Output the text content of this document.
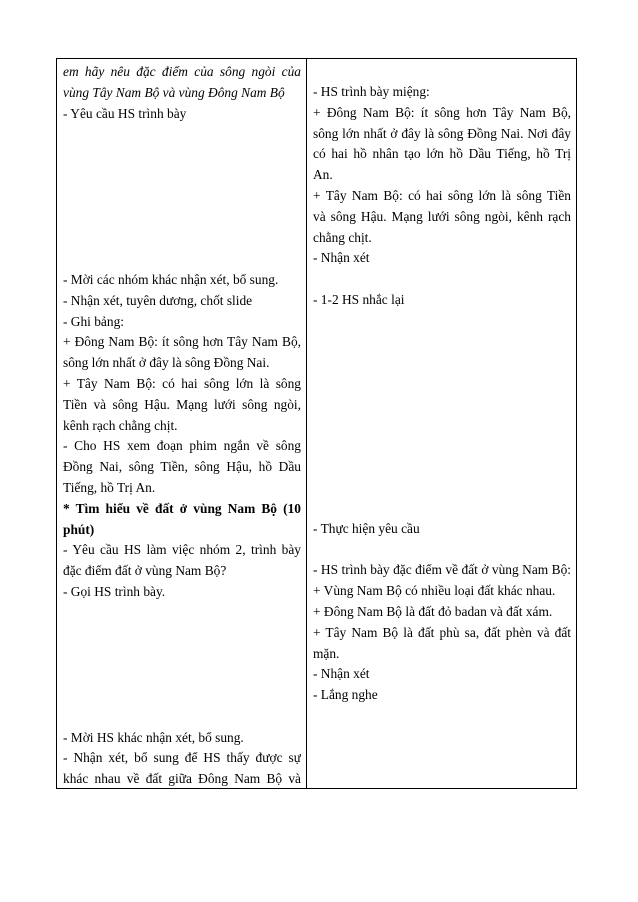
em hãy nêu đặc điểm của sông ngòi của
vùng Tây Nam Bộ và vùng Đông Nam Bộ
- Yêu cầu HS trình bày
- Mời các nhóm khác nhận xét, bổ sung.
- Nhận xét, tuyên dương, chốt slide
- Ghi bảng:
+ Đông Nam Bộ: ít sông hơn Tây Nam Bộ,
sông lớn nhất ở đây là sông Đồng Nai.
+ Tây Nam Bộ: có hai sông lớn là sông
Tiền và sông Hậu. Mạng lưới sông ngòi,
kênh rạch chằng chịt.
- Cho HS xem đoạn phim ngắn về sông
Đồng Nai, sông Tiền, sông Hậu, hồ Dầu
Tiếng, hồ Trị An.
* Tìm hiểu về đất ở vùng Nam Bộ (10
phút)
- Yêu cầu HS làm việc nhóm 2, trình bày
đặc điểm đất ở vùng Nam Bộ?
- Gọi HS trình bày.
- Mời HS khác nhận xét, bổ sung.
- Nhận xét, bổ sung để HS thấy được sự
khác nhau về đất giữa Đông Nam Bộ và
- HS trình bày miệng:
+ Đông Nam Bộ: ít sông hơn Tây Nam Bộ,
sông lớn nhất ở đây là sông Đồng Nai. Nơi đây
có hai hồ nhân tạo lớn hồ Dầu Tiếng, hồ Trị
An.
+ Tây Nam Bộ: có hai sông lớn là sông Tiền
và sông Hậu. Mạng lưới sông ngòi, kênh rạch
chằng chịt.
- Nhận xét
- 1-2 HS nhắc lại
- Thực hiện yêu cầu
- HS trình bày đặc điểm về đất ở vùng Nam Bộ:
+ Vùng Nam Bộ có nhiều loại đất khác nhau.
+ Đông Nam Bộ là đất đỏ badan và đất xám.
+ Tây Nam Bộ là đất phù sa, đất phèn và đất
mặn.
- Nhận xét
- Lắng nghe
